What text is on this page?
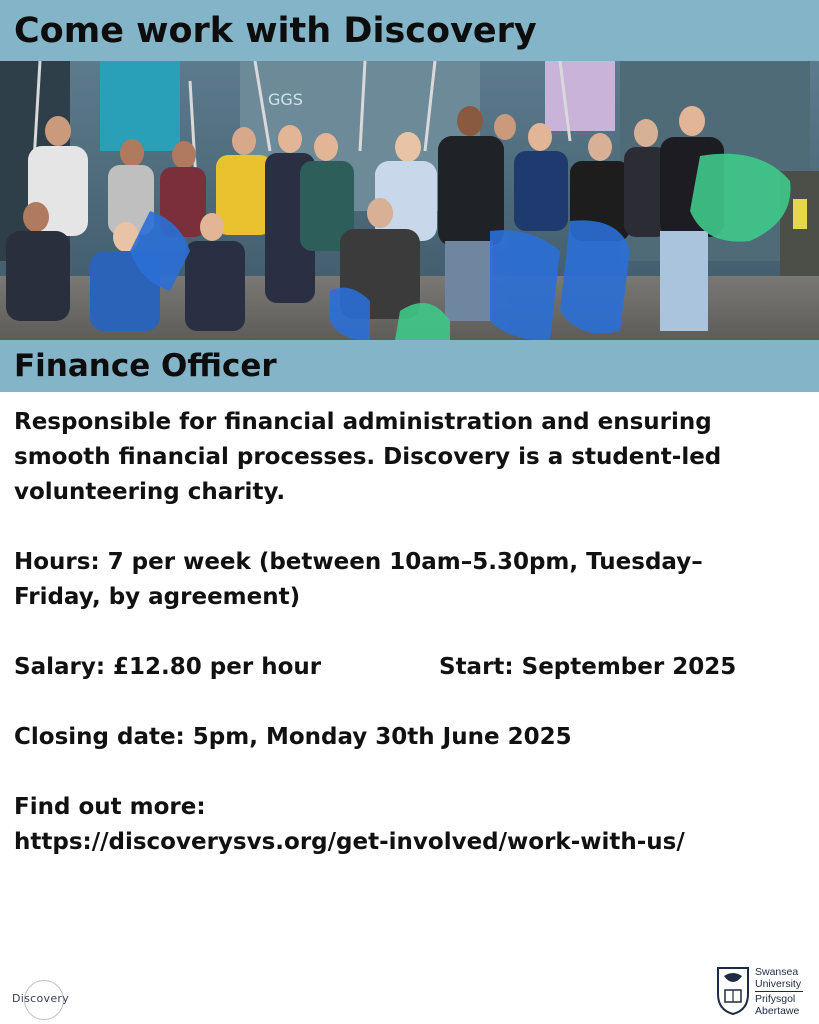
Come work with Discovery
GGS
Finance Officer

Responsible for financial administration and ensuring
smooth financial processes. Discovery is a student-led
volunteering charity.

Hours: 7 per week (between 10am–5.30pm, Tuesday–
Friday, by agreement)

Salary: £12.80 per hour	Start: September 2025

Closing date: 5pm, Monday 30th June 2025

Find out more:
https://discoverysvs.org/get-involved/work-with-us/

Discovery
Swansea
University
Prifysgol
Abertawe
